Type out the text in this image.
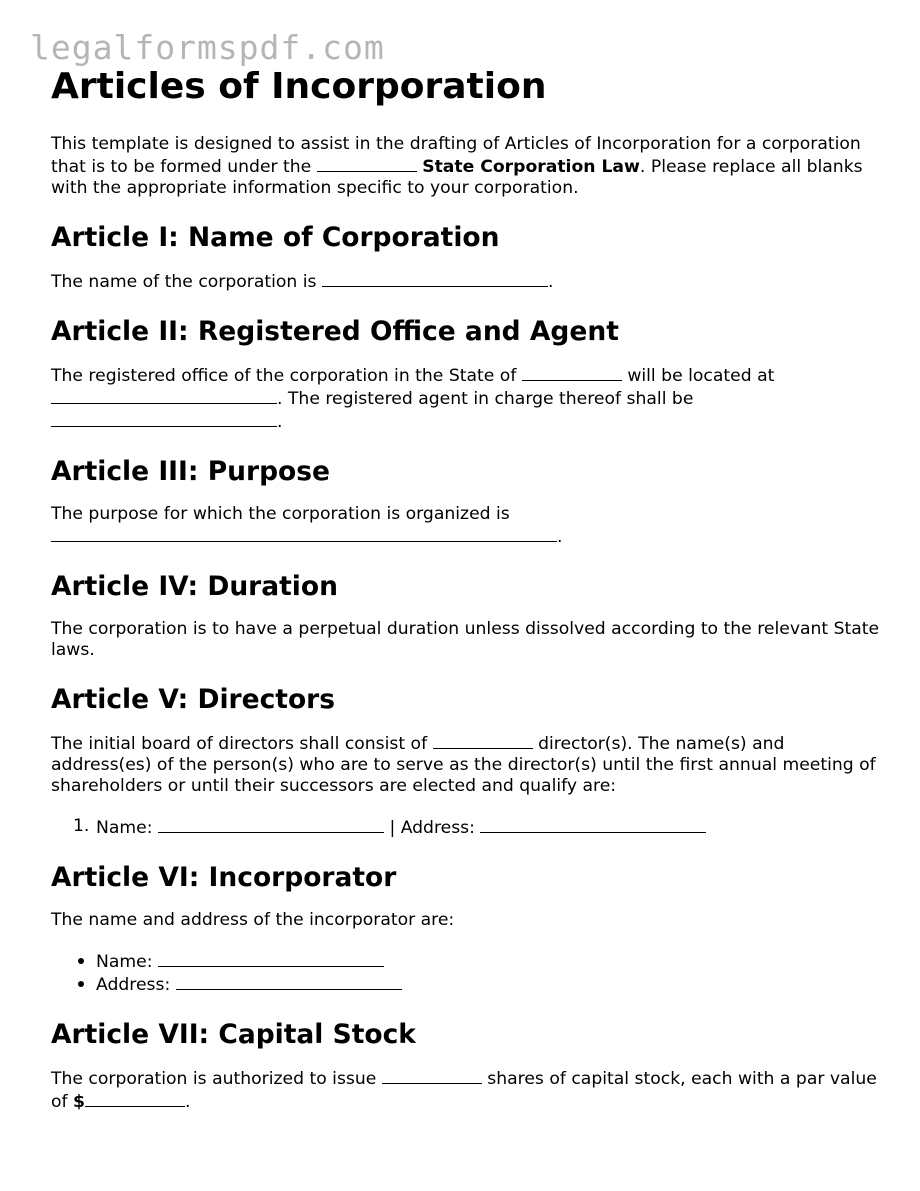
legalformspdf.com
Articles of Incorporation

This template is designed to assist in the drafting of Articles of Incorporation for a corporation that is to be formed under the	State Corporation Law. Please replace all blanks with the appropriate information specific to your corporation.

Article I: Name of Corporation

The name of the corporation is	.

Article II: Registered Office and Agent

The registered office of the corporation in the State of	will be located at . The registered agent in charge thereof shall be .

Article III: Purpose

The purpose for which the corporation is organized is .

Article IV: Duration

The corporation is to have a perpetual duration unless dissolved according to the relevant State laws.

Article V: Directors

The initial board of directors shall consist of	director(s). The name(s) and address(es) of the person(s) who are to serve as the director(s) until the first annual meeting of shareholders or until their successors are elected and qualify are:

1. Name:	| Address:
Article VI: Incorporator

The name and address of the incorporator are:

Name:
Address:
Article VII: Capital Stock

The corporation is authorized to issue	shares of capital stock, each with a par value of $	.
